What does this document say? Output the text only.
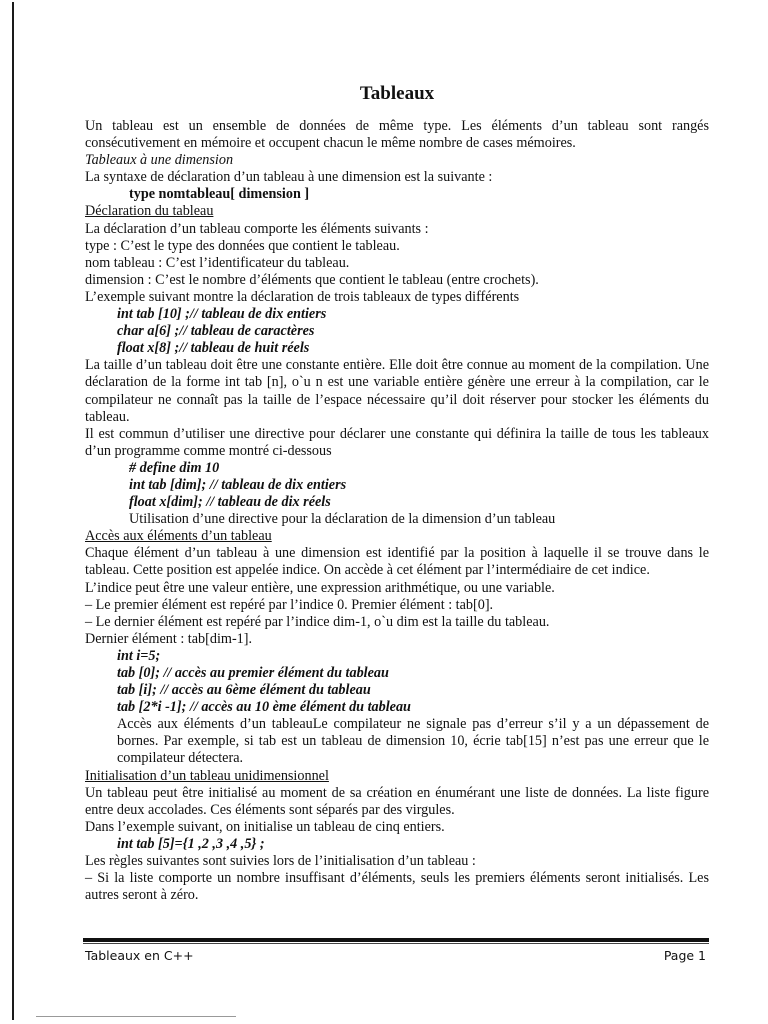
Tableaux

Un tableau est un ensemble de données de même type. Les éléments d’un tableau sont rangés consécutivement en mémoire et occupent chacun le même nombre de cases mémoires.

Tableaux à une dimension

La syntaxe de déclaration d’un tableau à une dimension est la suivante :

type nomtableau[ dimension ]

Déclaration du tableau

La déclaration d’un tableau comporte les éléments suivants :

type : C’est le type des données que contient le tableau.

nom tableau : C’est l’identificateur du tableau.

dimension : C’est le nombre d’éléments que contient le tableau (entre crochets).

L’exemple suivant montre la déclaration de trois tableaux de types différents

int tab [10] ;// tableau de dix entiers

char a[6] ;// tableau de caractères

float x[8] ;// tableau de huit réels

La taille d’un tableau doit être une constante entière. Elle doit être connue au moment de la compilation. Une déclaration de la forme int tab [n], o`u n est une variable entière génère une erreur à la compilation, car le compilateur ne connaît pas la taille de l’espace nécessaire qu’il doit réserver pour stocker les éléments du tableau.

Il est commun d’utiliser une directive pour déclarer une constante qui définira la taille de tous les tableaux d’un programme comme montré ci-dessous

# define dim 10

int tab [dim]; // tableau de dix entiers

float x[dim]; // tableau de dix réels

Utilisation d’une directive pour la déclaration de la dimension d’un tableau

Accès aux éléments d’un tableau

Chaque élément d’un tableau à une dimension est identifié par la position à laquelle il se trouve dans le tableau. Cette position est appelée indice. On accède à cet élément par l’intermédiaire de cet indice.

L’indice peut être une valeur entière, une expression arithmétique, ou une variable.

– Le premier élément est repéré par l’indice 0. Premier élément : tab[0].

– Le dernier élément est repéré par l’indice dim-1, o`u dim est la taille du tableau.

Dernier élément : tab[dim-1].

int i=5;

tab [0]; // accès au premier élément du tableau

tab [i]; // accès au 6ème élément du tableau

tab [2*i -1]; // accès au 10 ème élément du tableau

Accès aux éléments d’un tableauLe compilateur ne signale pas d’erreur s’il y a un dépassement de bornes. Par exemple, si tab est un tableau de dimension 10, écrie tab[15] n’est pas une erreur que le compilateur détectera.

Initialisation d’un tableau unidimensionnel

Un tableau peut être initialisé au moment de sa création en énumérant une liste de données. La liste figure entre deux accolades. Ces éléments sont séparés par des virgules.

Dans l’exemple suivant, on initialise un tableau de cinq entiers.

int tab [5]={1 ,2 ,3 ,4 ,5} ;

Les règles suivantes sont suivies lors de l’initialisation d’un tableau :

– Si la liste comporte un nombre insuffisant d’éléments, seuls les premiers éléments seront initialisés. Les autres seront à zéro.

Tableaux en C++	Page 1
